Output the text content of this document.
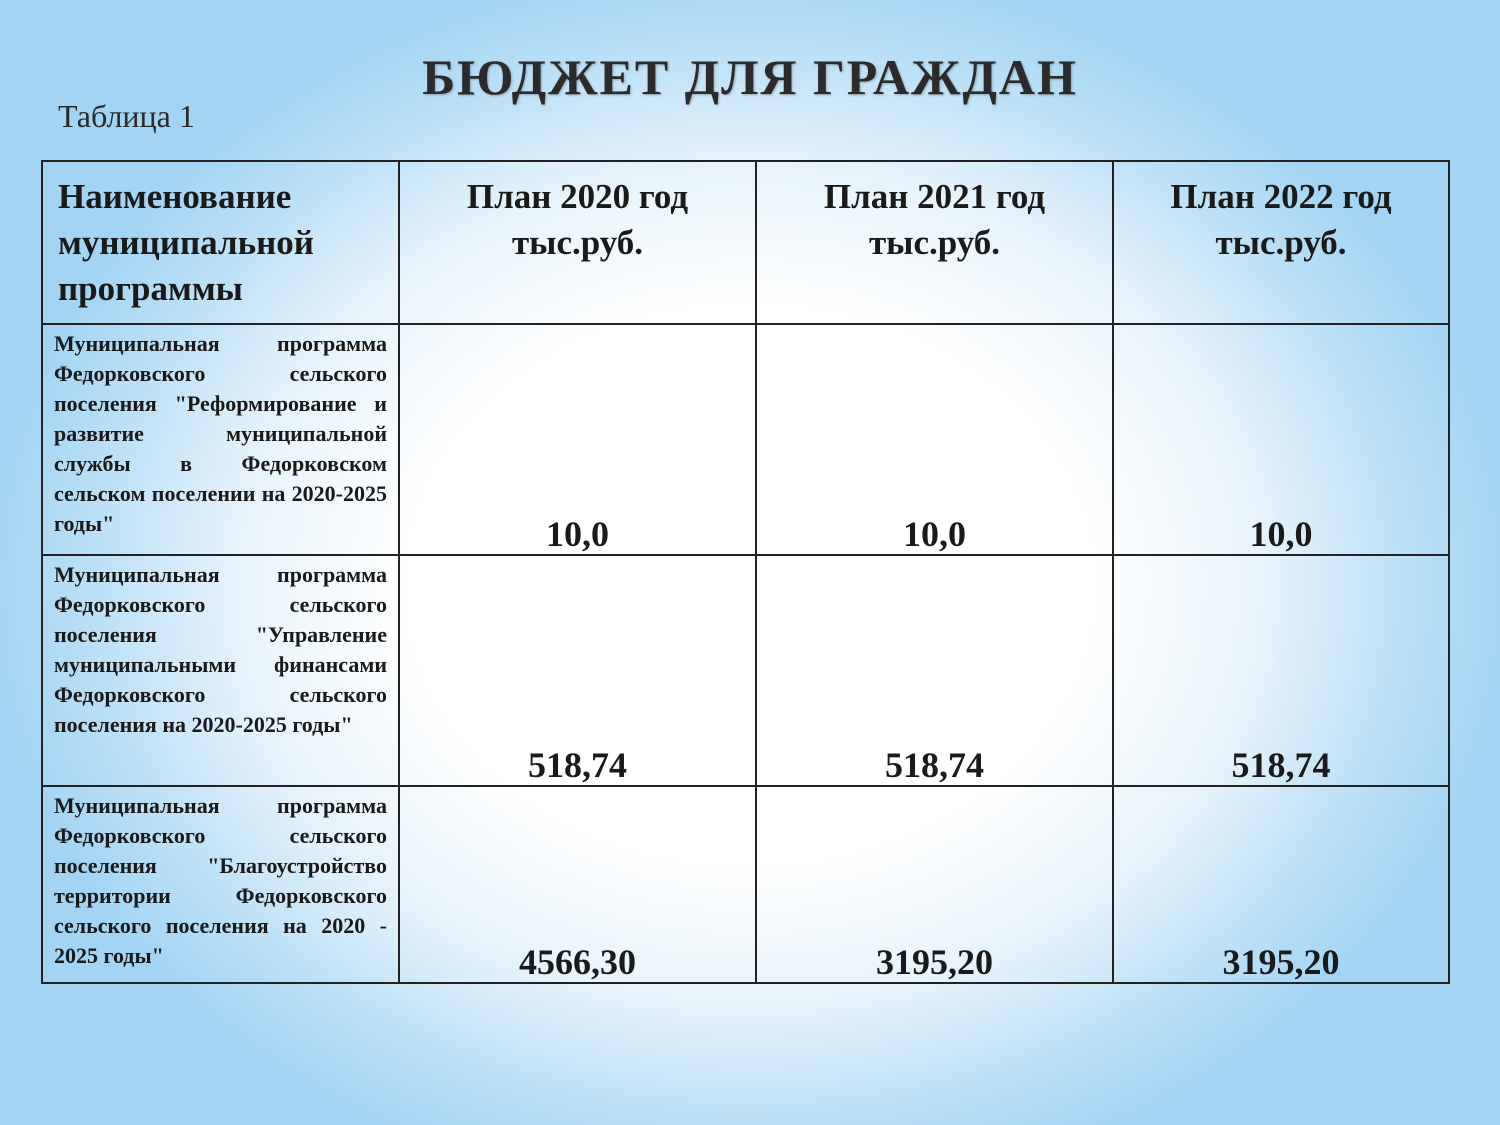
БЮДЖЕТ ДЛЯ ГРАЖДАН

Таблица 1

Наименование муниципальной программы	План 2020 год тыс.руб.	План 2021 год тыс.руб.	План 2022 год тыс.руб.
Муниципальная программа Федорковского сельского поселения "Реформирование и развитие муниципальной службы в Федорковском сельском поселении на 2020-2025 годы"	10,0	10,0	10,0
Муниципальная программа Федорковского сельского поселения "Управление муниципальными финансами Федорковского сельского поселения на 2020-2025 годы"	518,74	518,74	518,74
Муниципальная программа Федорковского сельского поселения "Благоустройство территории Федорковского сельского поселения на 2020 - 2025 годы"	4566,30	3195,20	3195,20
